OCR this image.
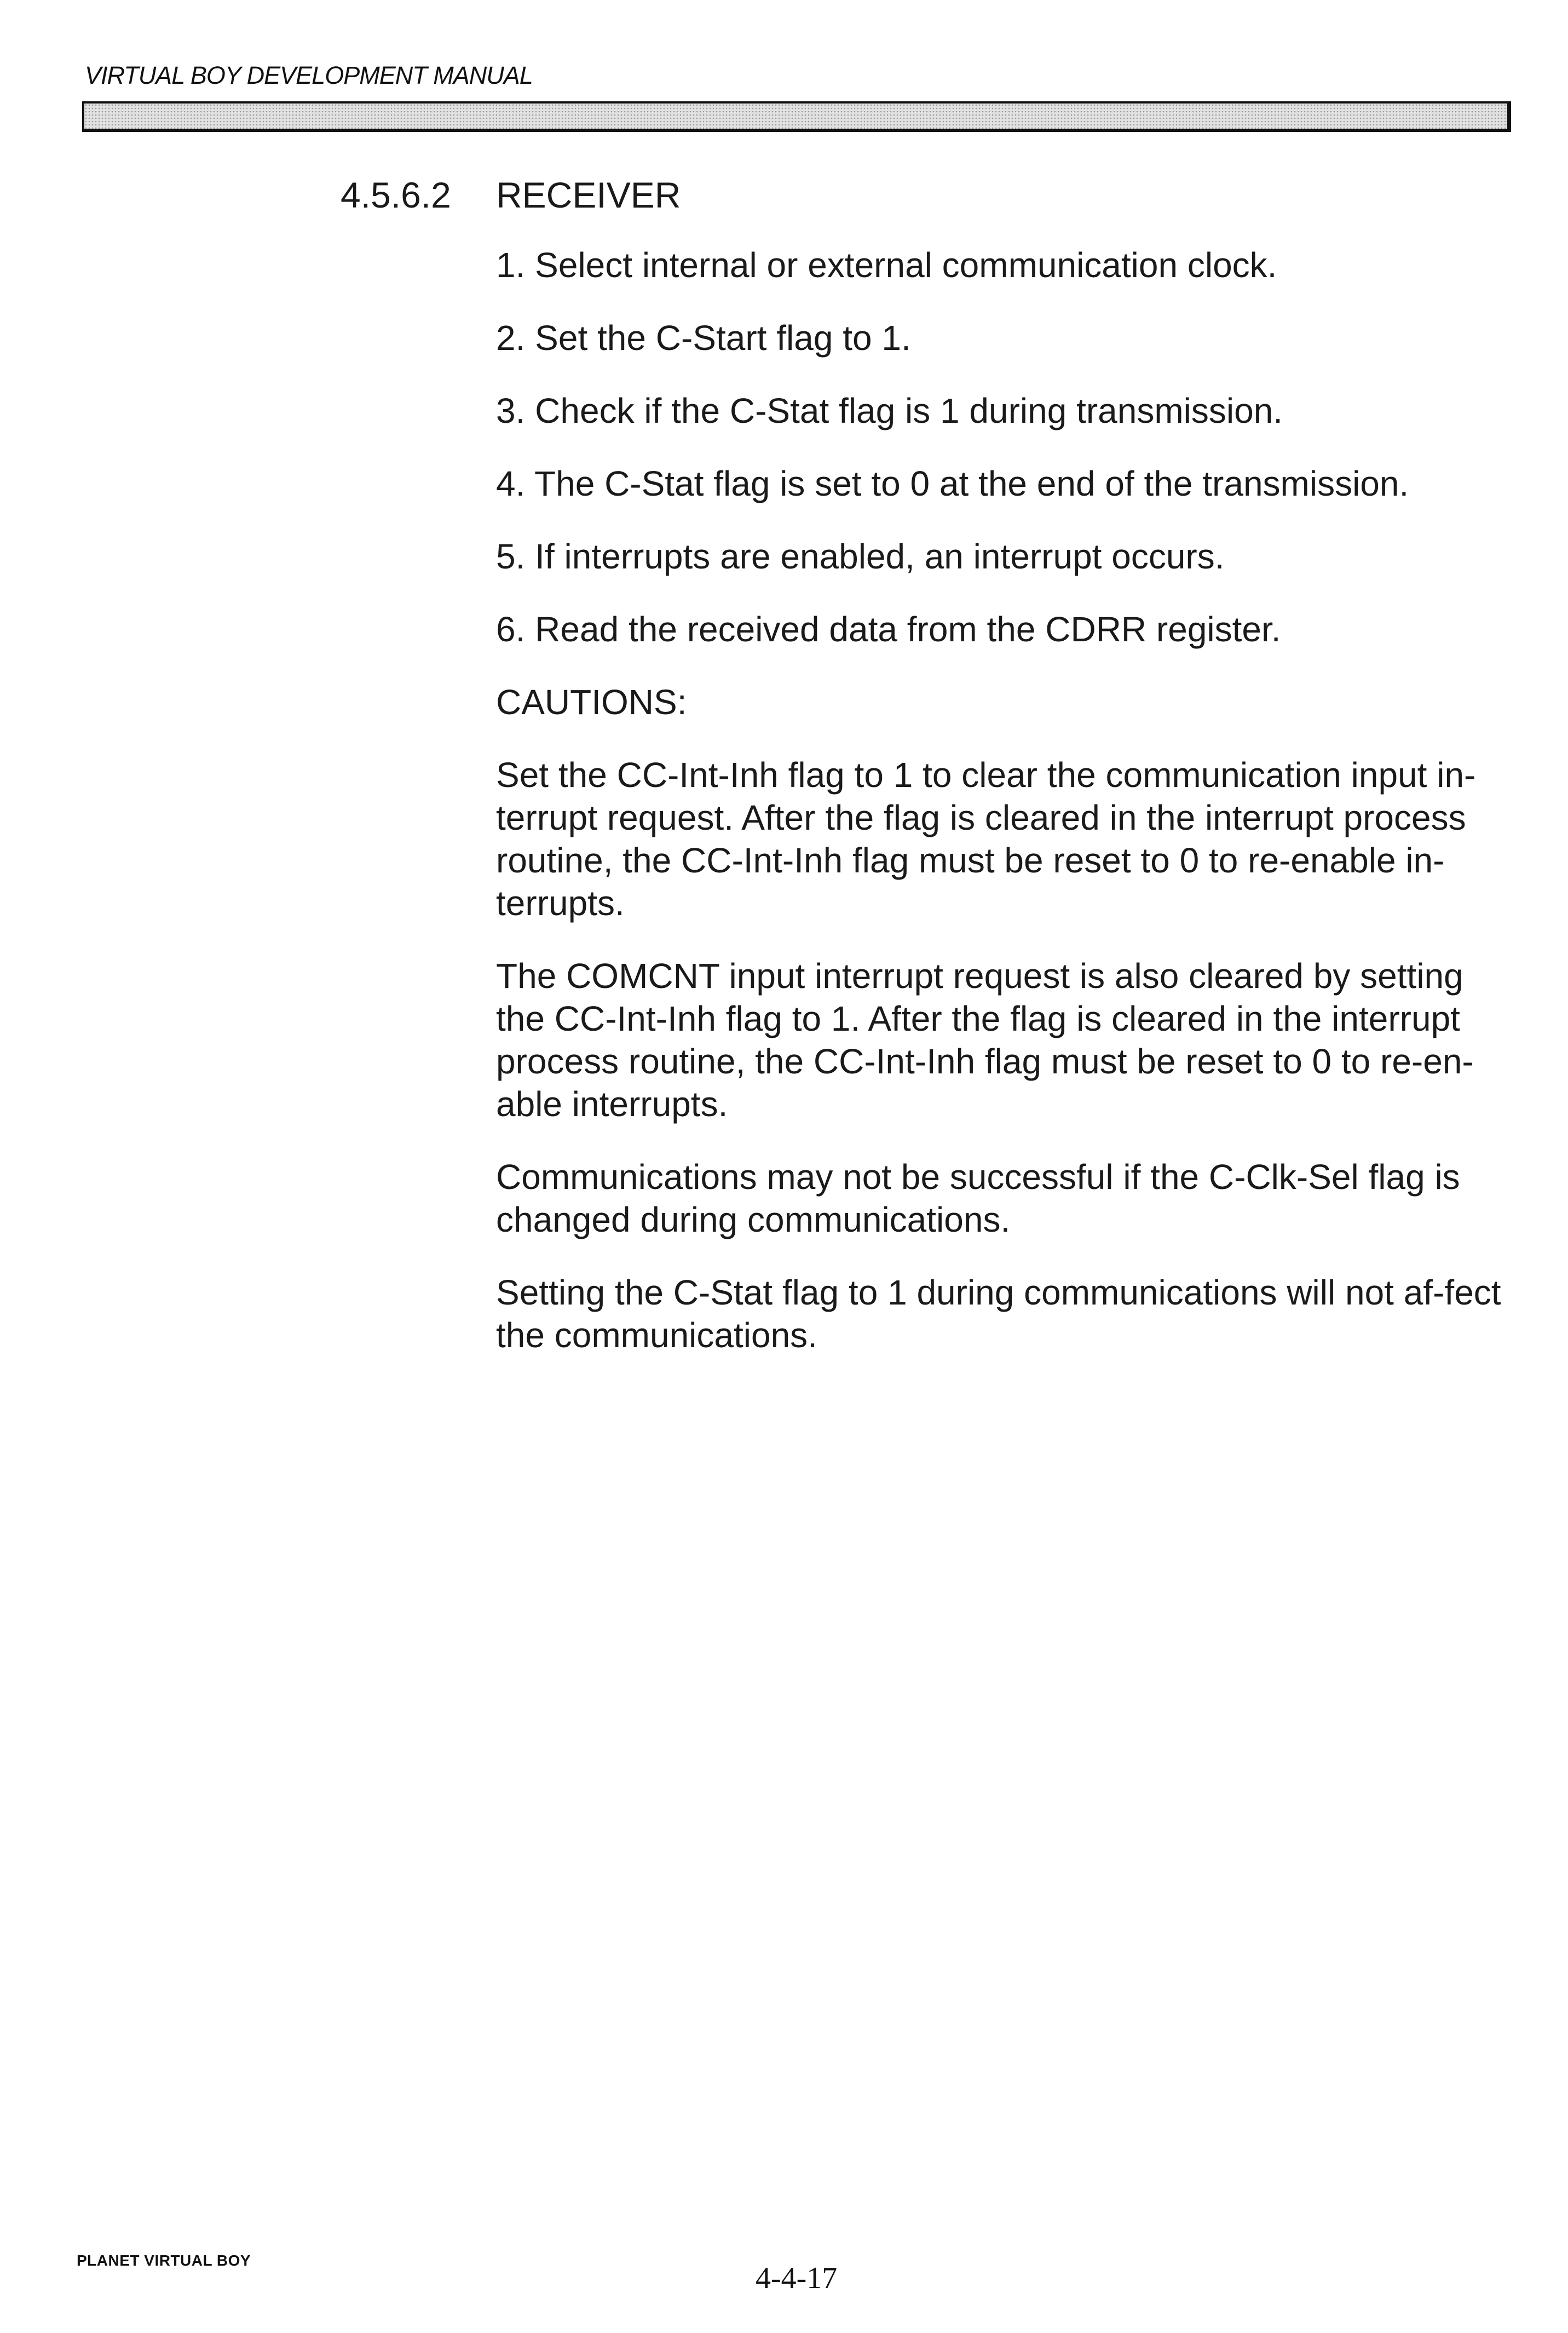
VIRTUAL BOY DEVELOPMENT MANUAL
4.5.6.2 RECEIVER
1. Select internal or external communication clock.
2. Set the C-Start flag to 1.
3. Check if the C-Stat flag is 1 during transmission.
4. The C-Stat flag is set to 0 at the end of the transmission.
5. If interrupts are enabled, an interrupt occurs.
6. Read the received data from the CDRR register.
CAUTIONS:
Set the CC-Int-Inh flag to 1 to clear the communication input in-terrupt request. After the flag is cleared in the interrupt process routine, the CC-Int-Inh flag must be reset to 0 to re-enable in-terrupts.
The COMCNT input interrupt request is also cleared by setting the CC-Int-Inh flag to 1. After the flag is cleared in the interrupt process routine, the CC-Int-Inh flag must be reset to 0 to re-en-able interrupts.
Communications may not be successful if the C-Clk-Sel flag is changed during communications.
Setting the C-Stat flag to 1 during communications will not af-fect the communications.
PLANET VIRTUAL BOY
4-4-17
